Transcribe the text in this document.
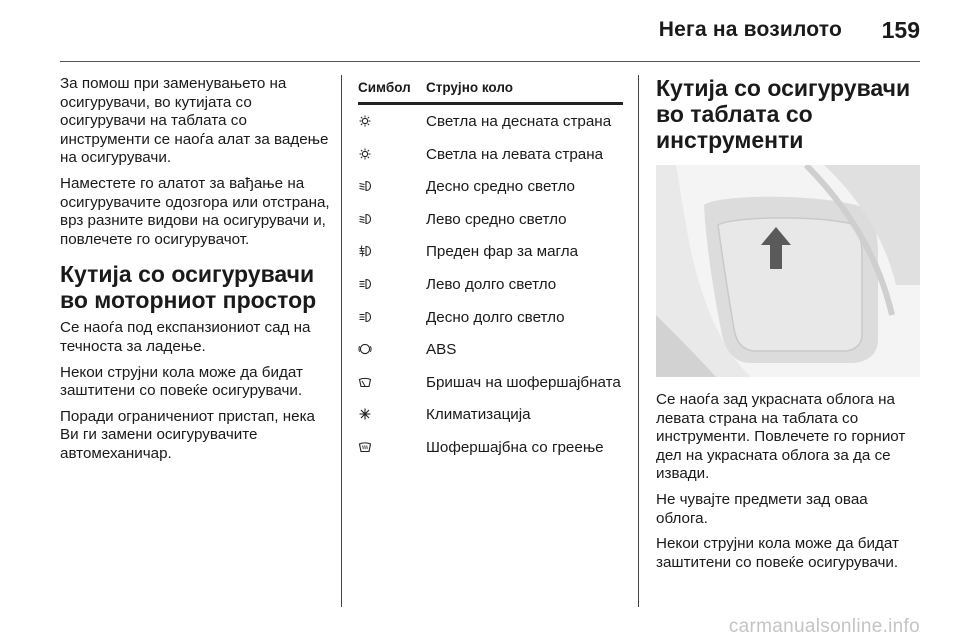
Нега на возилото 159

За помош при заменувањето на осигурувачи, во кутијата со осигурувачи на таблата со инструменти се наоѓа алат за вадење на осигурувачи.

Наместете го алатот за вађање на осигурувачите одозгора или отстрана, врз разните видови на осигурувачи и, повлечете го осигурувачот.

Кутија со осигурувачи во моторниот простор

Се наоѓа под експанзиониот сад на течноста за ладење.

Некои струјни кола може да бидат заштитени со повеќе осигурувачи.

Поради ограничениот пристап, нека Ви ги замени осигурувачите автомеханичар.

Симбол	Струјно коло

	Светла на десната страна

	Светла на левата страна

	Десно средно светло

	Лево средно светло

	Преден фар за магла

	Лево долго светло

	Десно долго светло

	ABS

	Бришач на шофершајбната

	Климатизација

	Шофершајбна со греење
Кутија со осигурувачи во таблата со инструменти

Се наоѓа зад украсната облога на левата страна на таблата со инструменти. Повлечете го горниот дел на украсната облога за да се извади.

Не чувајте предмети зад оваа облога.

Некои струјни кола може да бидат заштитени со повеќе осигурувачи.

carmanualsonline.info
